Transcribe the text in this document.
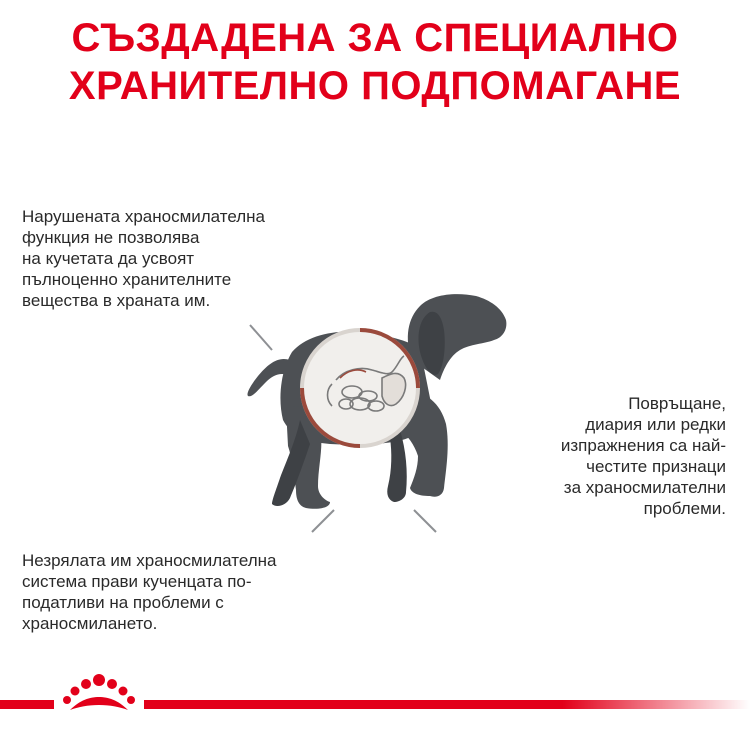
СЪЗДАДЕНА ЗА СПЕЦИАЛНО
ХРАНИТЕЛНО ПОДПОМАГАНЕ
Нарушената храносмилателна
функция не позволява
на кучетата да усвоят
пълноценно хранителните
вещества в храната им.
Повръщане,
диария или редки
изпражнения са най-
честите признаци
за храносмилателни
проблеми.
Незрялата им храносмилателна
система прави кученцата по-
податливи на проблеми с
храносмилането.
